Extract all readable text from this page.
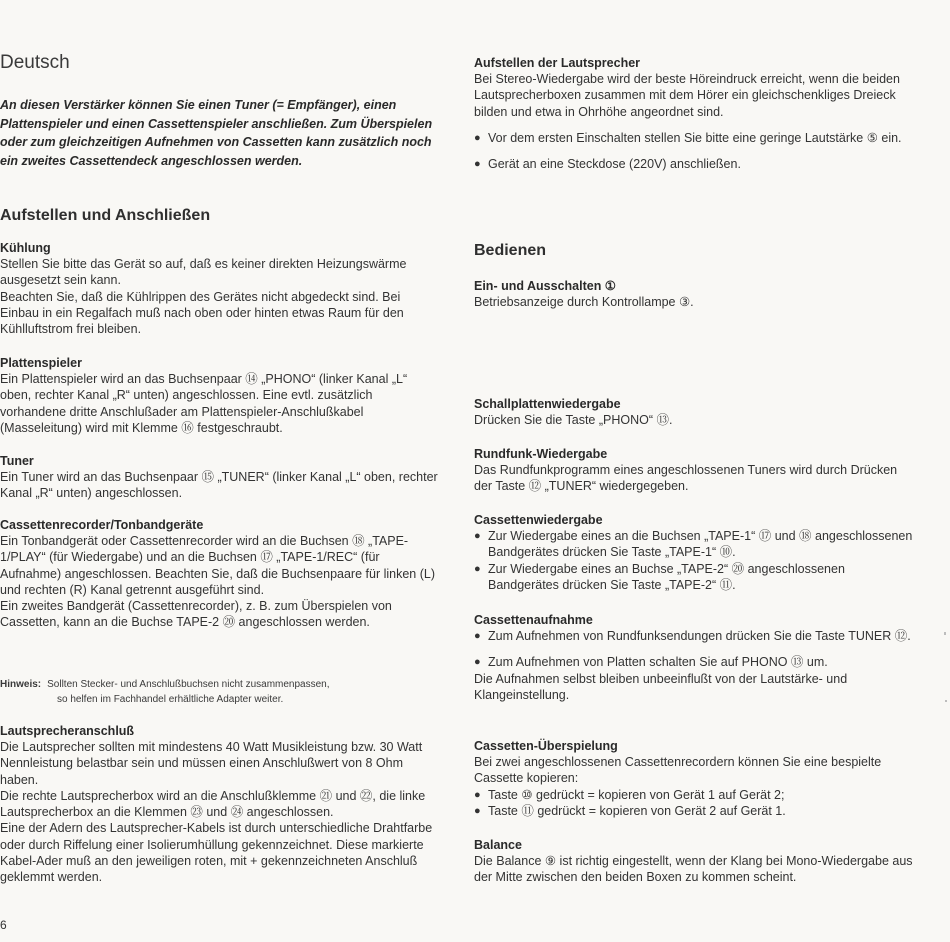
Deutsch
An diesen Verstärker können Sie einen Tuner (= Empfänger), einen Plattenspieler und einen Cassettenspieler anschließen. Zum Überspielen oder zum gleichzeitigen Aufnehmen von Cassetten kann zusätzlich noch ein zweites Cassettendeck angeschlossen werden.
Aufstellen und Anschließen
Kühlung
Stellen Sie bitte das Gerät so auf, daß es keiner direkten Heizungswärme ausgesetzt sein kann.
Beachten Sie, daß die Kühlrippen des Gerätes nicht abgedeckt sind. Bei Einbau in ein Regalfach muß nach oben oder hinten etwas Raum für den Kühlluftstrom frei bleiben.
Plattenspieler
Ein Plattenspieler wird an das Buchsenpaar ⑭ „PHONO“ (linker Kanal „L“ oben, rechter Kanal „R“ unten) angeschlossen. Eine evtl. zusätzlich vorhandene dritte Anschlußader am Plattenspieler-Anschlußkabel (Masseleitung) wird mit Klemme ⑯ festgeschraubt.
Tuner
Ein Tuner wird an das Buchsenpaar ⑮ „TUNER“ (linker Kanal „L“ oben, rechter Kanal „R“ unten) angeschlossen.
Cassettenrecorder/Tonbandgeräte
Ein Tonbandgerät oder Cassettenrecorder wird an die Buchsen ⑱ „TAPE-1/PLAY“ (für Wiedergabe) und an die Buchsen ⑰ „TAPE-1/REC“ (für Aufnahme) angeschlossen. Beachten Sie, daß die Buchsenpaare für linken (L) und rechten (R) Kanal getrennt ausgeführt sind.
Ein zweites Bandgerät (Cassettenrecorder), z. B. zum Überspielen von Cassetten, kann an die Buchse TAPE-2 ⑳ angeschlossen werden.
Hinweis: Sollten Stecker- und Anschlußbuchsen nicht zusammenpassen,
so helfen im Fachhandel erhältliche Adapter weiter.
Lautsprecheranschluß
Die Lautsprecher sollten mit mindestens 40 Watt Musikleistung bzw. 30 Watt Nennleistung belastbar sein und müssen einen Anschlußwert von 8 Ohm haben.
Die rechte Lautsprecherbox wird an die Anschlußklemme ㉑ und ㉒, die linke Lautsprecherbox an die Klemmen ㉓ und ㉔ angeschlossen.
Eine der Adern des Lautsprecher-Kabels ist durch unterschiedliche Drahtfarbe oder durch Riffelung einer Isolierumhüllung gekennzeichnet. Diese markierte Kabel-Ader muß an den jeweiligen roten, mit + gekennzeichneten Anschluß geklemmt werden.
Aufstellen der Lautsprecher
Bei Stereo-Wiedergabe wird der beste Höreindruck erreicht, wenn die beiden Lautsprecherboxen zusammen mit dem Hörer ein gleichschenkliges Dreieck bilden und etwa in Ohrhöhe angeordnet sind.
● Vor dem ersten Einschalten stellen Sie bitte eine geringe Lautstärke ⑤ ein.
● Gerät an eine Steckdose (220V) anschließen.
Bedienen
Ein- und Ausschalten ①
Betriebsanzeige durch Kontrollampe ③.
Schallplattenwiedergabe
Drücken Sie die Taste „PHONO“ ⑬.
Rundfunk-Wiedergabe
Das Rundfunkprogramm eines angeschlossenen Tuners wird durch Drücken der Taste ⑫ „TUNER“ wiedergegeben.
Cassettenwiedergabe
● Zur Wiedergabe eines an die Buchsen „TAPE-1“ ⑰ und ⑱ angeschlossenen Bandgerätes drücken Sie Taste „TAPE-1“ ⑩.
● Zur Wiedergabe eines an Buchse „TAPE-2“ ⑳ angeschlossenen Bandgerätes drücken Sie Taste „TAPE-2“ ⑪.
Cassettenaufnahme
● Zum Aufnehmen von Rundfunksendungen drücken Sie die Taste TUNER ⑫.
● Zum Aufnehmen von Platten schalten Sie auf PHONO ⑬ um.
Die Aufnahmen selbst bleiben unbeeinflußt von der Lautstärke- und Klangeinstellung.
Cassetten-Überspielung
Bei zwei angeschlossenen Cassettenrecordern können Sie eine bespielte Cassette kopieren:
● Taste ⑩ gedrückt = kopieren von Gerät 1 auf Gerät 2;
● Taste ⑪ gedrückt = kopieren von Gerät 2 auf Gerät 1.
Balance
Die Balance ⑨ ist richtig eingestellt, wenn der Klang bei Mono-Wiedergabe aus der Mitte zwischen den beiden Boxen zu kommen scheint.
6
